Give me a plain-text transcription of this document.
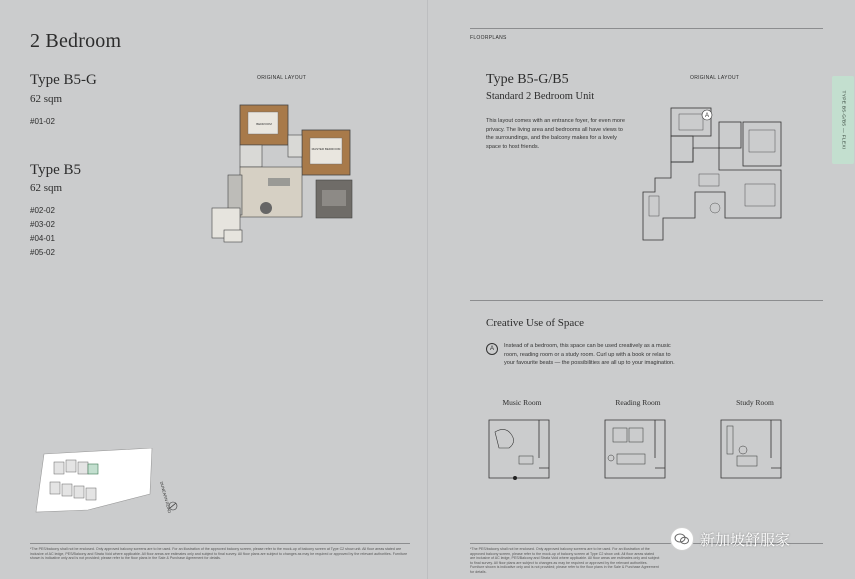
2 Bedroom
Type B5-G
62 sqm
#01-02
Type B5
62 sqm
#02-02
#03-02
#04-01
#05-02
ORIGINAL LAYOUT
BEDROOM
MASTER BEDROOM
DUNEARN ROAD
*The PES/balcony shall not be enclosed. Only approved balcony screens are to be used. For an illustration of the approved balcony screen, please refer to the mock-up of balcony screen at Type C2 show unit. All floor areas stated are inclusive of AC ledge, PES/Balcony and Strata Void where applicable. All floor areas are estimates only and subject to final survey. All floor plans are subject to changes as may be required or approved by the relevant authorities. Furniture shown is indicative only and is not provided; please refer to the floor plans in the Sale & Purchase Agreement for details.
FLOORPLANS
ORIGINAL LAYOUT
Type B5-G/B5
Standard 2 Bedroom Unit
This layout comes with an entrance foyer, for even more privacy. The living area and bedrooms all have views to the surroundings, and the balcony makes for a lovely space to host friends.
A
Creative Use of Space
A	Instead of a bedroom, this space can be used creatively as a music room, reading room or a study room. Curl up with a book or relax to your favourite beats — the possibilities are all up to your imagination.
Music Room	Reading Room	Study Room
TYPE B5-G/B5 — FLEXI
*The PES/balcony shall not be enclosed. Only approved balcony screens are to be used. For an illustration of the approved balcony screen, please refer to the mock-up of balcony screen at Type C2 show unit. All floor areas stated are inclusive of AC ledge, PES/Balcony and Strata Void where applicable. All floor areas are estimates only and subject to final survey. All floor plans are subject to changes as may be required or approved by the relevant authorities. Furniture shown is indicative only and is not provided; please refer to the floor plans in the Sale & Purchase Agreement for details.
新加坡舒服家
